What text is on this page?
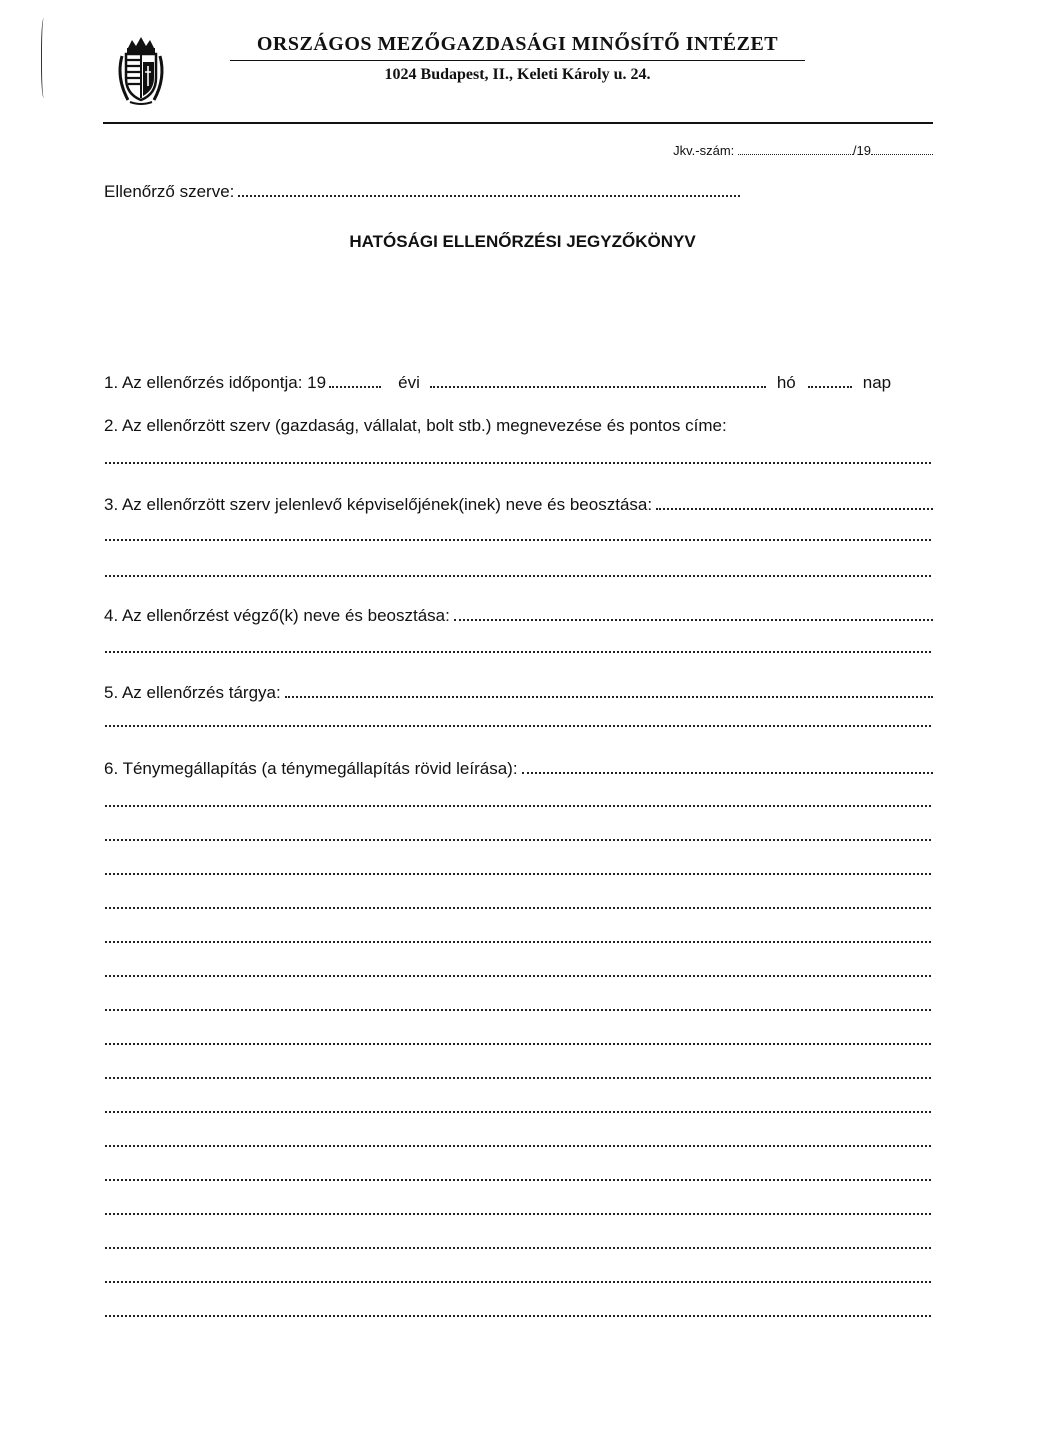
ORSZÁGOS MEZŐGAZDASÁGI MINŐSÍTŐ INTÉZET
1024 Budapest, II., Keleti Károly u. 24.
Jkv.-szám:	/19
Ellenőrző szerve:
HATÓSÁGI ELLENŐRZÉSI JEGYZŐKÖNYV
1. Az ellenőrzés időpontja: 19	évi	hó	nap
2. Az ellenőrzött szerv (gazdaság, vállalat, bolt stb.) megnevezése és pontos címe:
3. Az ellenőrzött szerv jelenlevő képviselőjének(inek) neve és beosztása:
4. Az ellenőrzést végző(k) neve és beosztása:
5. Az ellenőrzés tárgya:
6. Ténymegállapítás (a ténymegállapítás rövid leírása):
